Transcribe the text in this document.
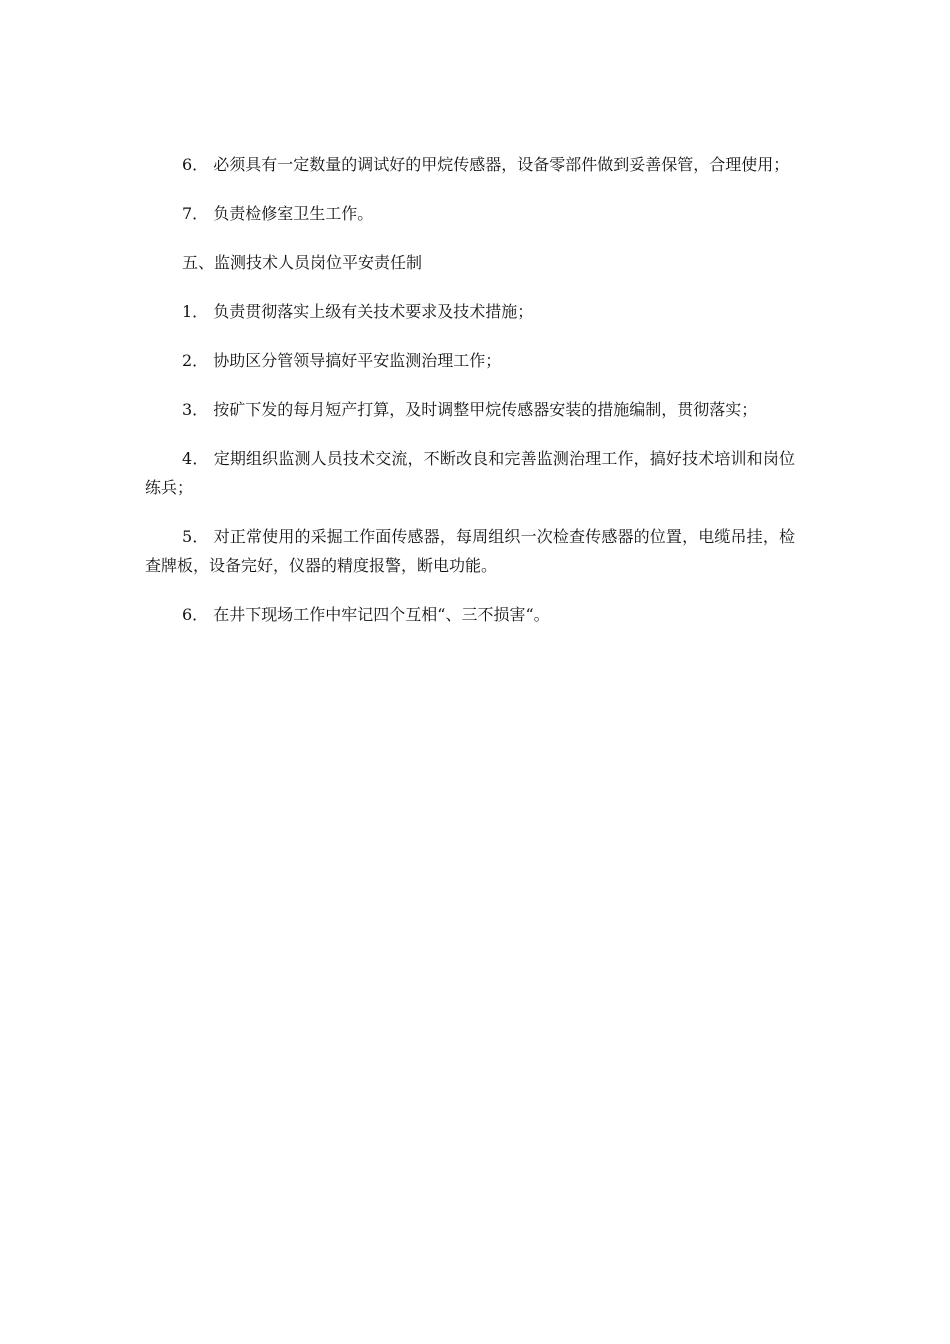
6． 必须具有一定数量的调试好的甲烷传感器，设备零部件做到妥善保管，合理使用；

7． 负责检修室卫生工作。

五、监测技术人员岗位平安责任制

1． 负责贯彻落实上级有关技术要求及技术措施；

2． 协助区分管领导搞好平安监测治理工作；

3． 按矿下发的每月短产打算，及时调整甲烷传感器安装的措施编制，贯彻落实；

4． 定期组织监测人员技术交流，不断改良和完善监测治理工作，搞好技术培训和岗位练兵；

5． 对正常使用的采掘工作面传感器，每周组织一次检查传感器的位置，电缆吊挂，检查牌板，设备完好，仪器的精度报警，断电功能。

6． 在井下现场工作中牢记四个互相“、三不损害“。
